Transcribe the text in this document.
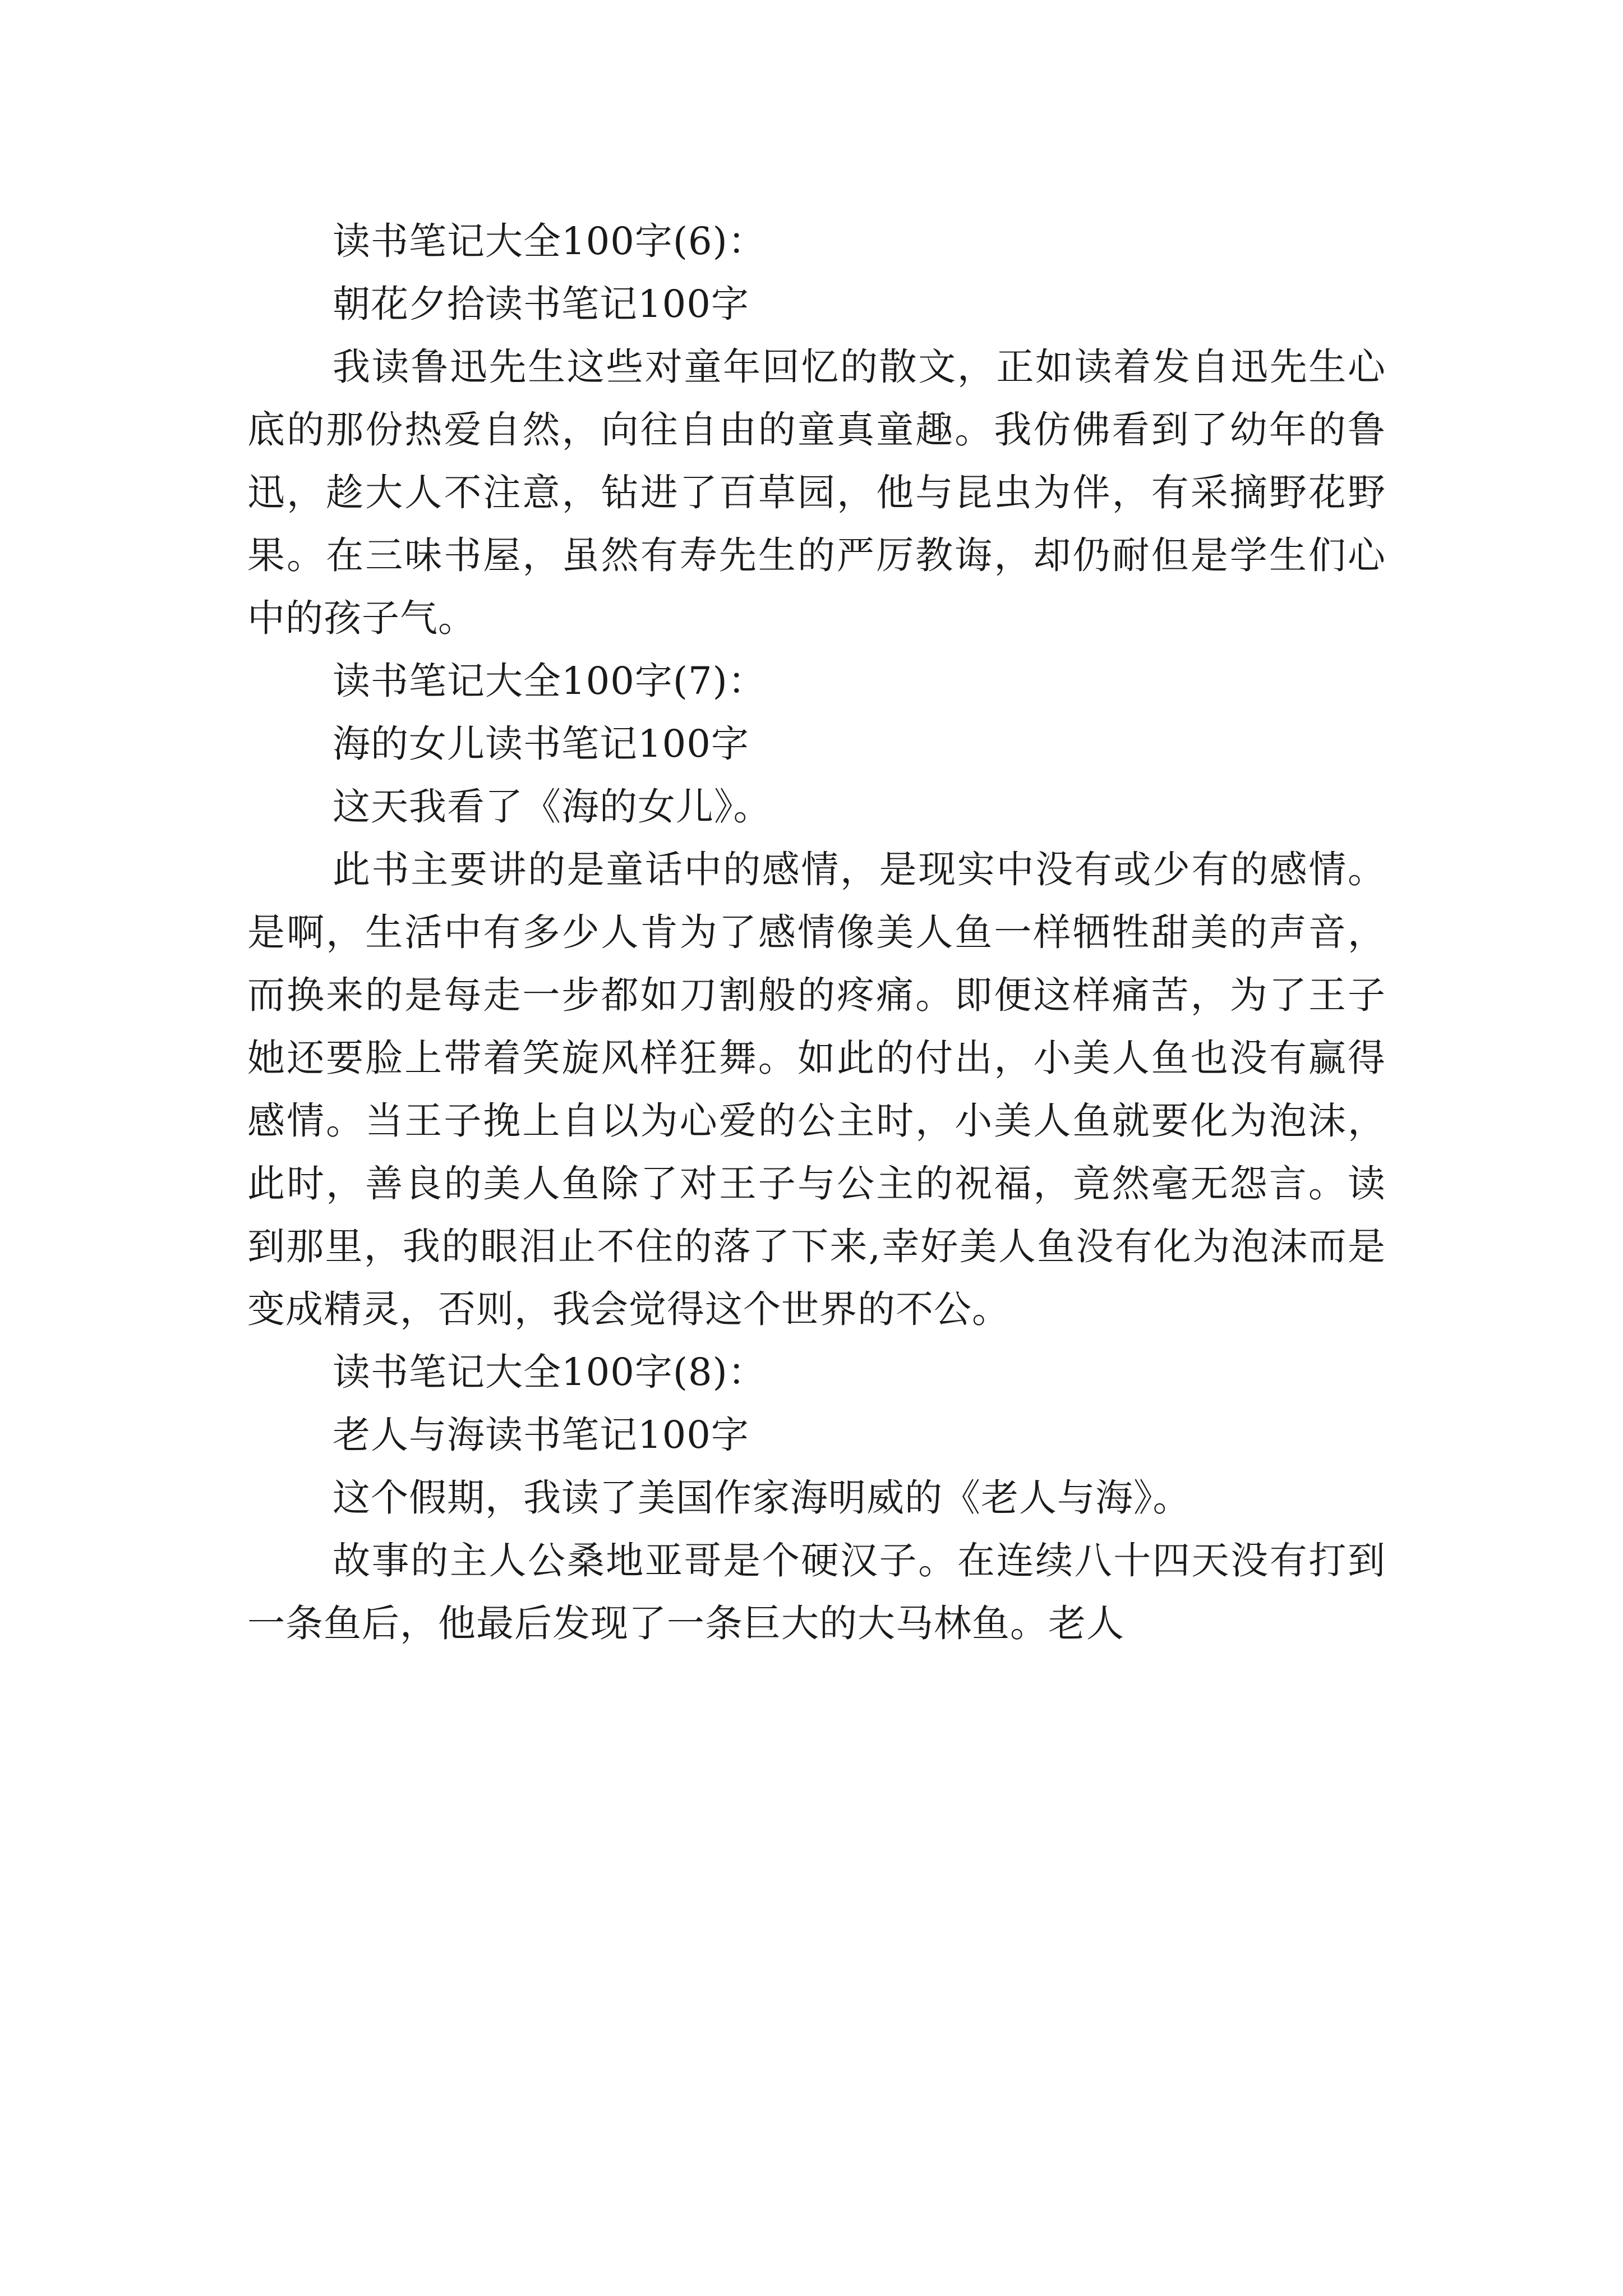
读书笔记大全100字(6)：

朝花夕拾读书笔记100字

我读鲁迅先生这些对童年回忆的散文，正如读着发自迅先生心底的那份热爱自然，向往自由的童真童趣。我仿佛看到了幼年的鲁迅，趁大人不注意，钻进了百草园，他与昆虫为伴，有采摘野花野果。在三味书屋，虽然有寿先生的严厉教诲，却仍耐但是学生们心中的孩子气。

读书笔记大全100字(7)：

海的女儿读书笔记100字

这天我看了《海的女儿》。

此书主要讲的是童话中的感情，是现实中没有或少有的感情。是啊，生活中有多少人肯为了感情像美人鱼一样牺牲甜美的声音，而换来的是每走一步都如刀割般的疼痛。即便这样痛苦，为了王子她还要脸上带着笑旋风样狂舞。如此的付出，小美人鱼也没有赢得感情。当王子挽上自以为心爱的公主时，小美人鱼就要化为泡沫，此时，善良的美人鱼除了对王子与公主的祝福，竟然毫无怨言。读到那里，我的眼泪止不住的落了下来,幸好美人鱼没有化为泡沫而是变成精灵，否则，我会觉得这个世界的不公。

读书笔记大全100字(8)：

老人与海读书笔记100字

这个假期，我读了美国作家海明威的《老人与海》。

故事的主人公桑地亚哥是个硬汉子。在连续八十四天没有打到一条鱼后，他最后发现了一条巨大的大马林鱼。老人
